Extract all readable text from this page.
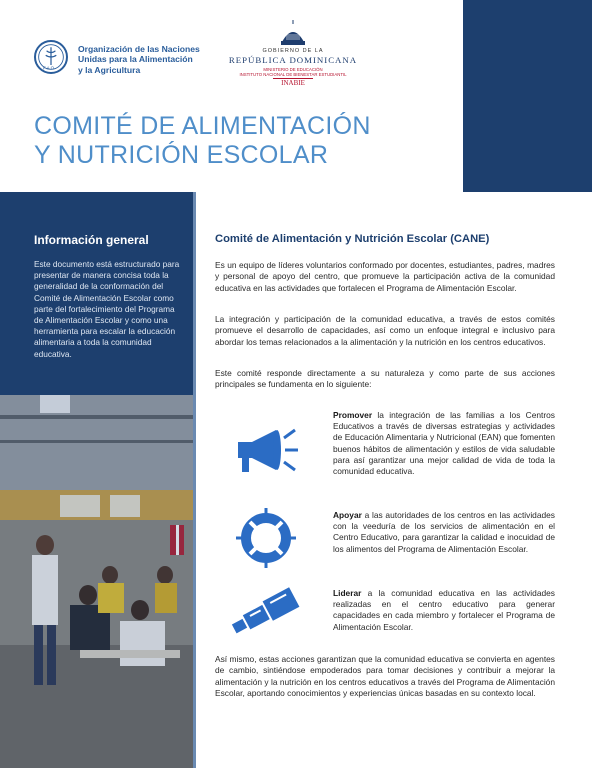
F A O
Organización de las Naciones
Unidas para la Alimentación
y la Agricultura
GOBIERNO DE LA
REPÚBLICA DOMINICANA
MINISTERIO DE EDUCACIÓN
INSTITUTO NACIONAL DE BIENESTAR ESTUDIANTIL
INABIE
COMITÉ DE ALIMENTACIÓN
Y NUTRICIÓN ESCOLAR
Información general
Este documento está estructurado para presentar de manera concisa toda la generalidad de la conformación del Comité de Alimentación Escolar como parte del fortalecimiento del Programa de Alimentación Escolar y como una herramienta para escalar la educación alimentaria a toda la comunidad educativa.
Comité de Alimentación y Nutrición Escolar (CANE)
Es un equipo de líderes voluntarios conformado por docentes, estudiantes, padres, madres y personal de apoyo del centro, que promueve la participación activa de la comunidad educativa en las actividades que fortalecen el Programa de Alimentación Escolar.
La integración y participación de la comunidad educativa, a través de estos comités promueve el desarrollo de capacidades, así como un enfoque integral e inclusivo para abordar los temas relacionados a la alimentación y la nutrición en los centros educativos.
Este comité responde directamente a su naturaleza y como parte de sus acciones principales se fundamenta en lo siguiente:
Promover la integración de las familias a los Centros Educativos a través de diversas estrategias y actividades de Educación Alimentaria y Nutricional (EAN) que fomenten buenos hábitos de alimentación y estilos de vida saludable para así garantizar una mejor calidad de vida de toda la comunidad educativa.
Apoyar a las autoridades de los centros en las actividades con la veeduría de los servicios de alimentación en el Centro Educativo, para garantizar la calidad e inocuidad de los alimentos del Programa de Alimentación Escolar.
Liderar a la comunidad educativa en las actividades realizadas en el centro educativo para generar capacidades en cada miembro y fortalecer el Programa de Alimentación Escolar.
Así mismo, estas acciones garantizan que la comunidad educativa se convierta en agentes de cambio, sintiéndose empoderados para tomar decisiones y contribuir a mejorar la alimentación y la nutrición en los centros educativos a través del Programa de Alimentación Escolar, aportando conocimientos y experiencias únicas basadas en su contexto local.
